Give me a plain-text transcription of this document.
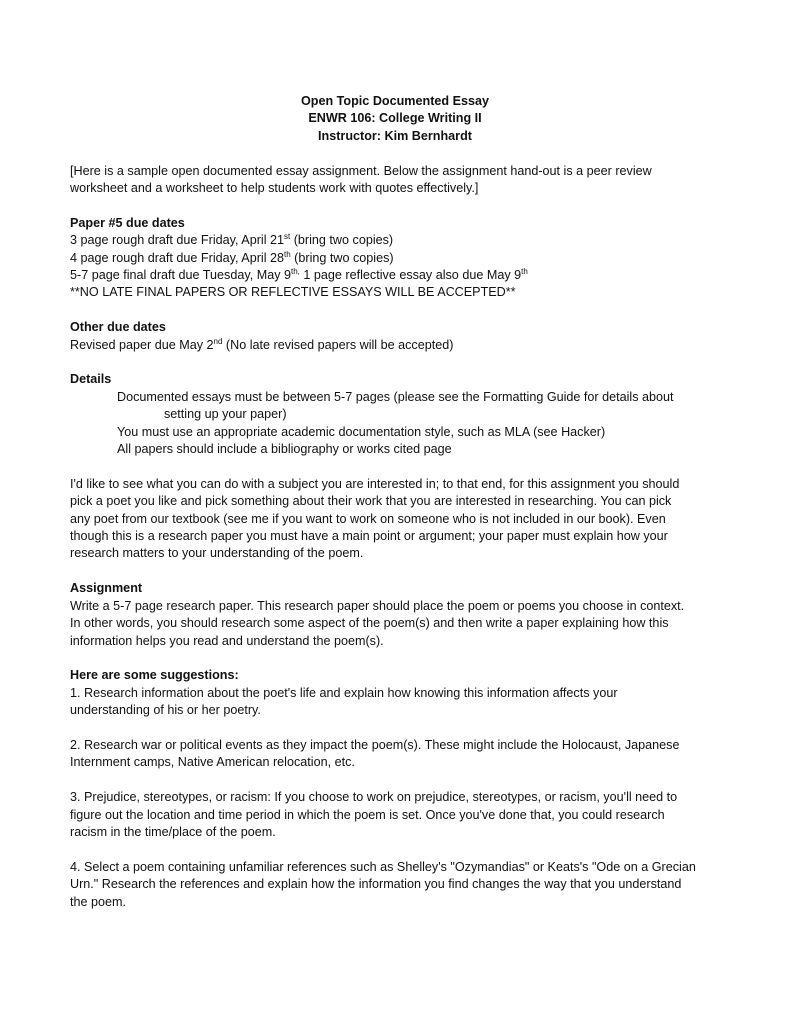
Open Topic Documented Essay
ENWR 106: College Writing II
Instructor: Kim Bernhardt

[Here is a sample open documented essay assignment. Below the assignment hand-out is a peer review

worksheet and a worksheet to help students work with quotes effectively.]

Paper #5 due dates

3 page rough draft due Friday, April 21st (bring two copies)

4 page rough draft due Friday, April 28th (bring two copies)

5-7 page final draft due Tuesday, May $9^{th,}$ 1 page reflective essay also due May 9th

**NO LATE FINAL PAPERS OR REFLECTIVE ESSAYS WILL BE ACCEPTED**

Other due dates

Revised paper due May 2nd (No late revised papers will be accepted)

Details

Documented essays must be between 5-7 pages (please see the Formatting Guide for details about

setting up your paper)

You must use an appropriate academic documentation style, such as MLA (see Hacker)

All papers should include a bibliography or works cited page

I'd like to see what you can do with a subject you are interested in; to that end, for this assignment you should

pick a poet you like and pick something about their work that you are interested in researching. You can pick

any poet from our textbook (see me if you want to work on someone who is not included in our book). Even

though this is a research paper you must have a main point or argument; your paper must explain how your

research matters to your understanding of the poem.

Assignment

Write a 5-7 page research paper. This research paper should place the poem or poems you choose in context.

In other words, you should research some aspect of the poem(s) and then write a paper explaining how this

information helps you read and understand the poem(s).

Here are some suggestions:

1. Research information about the poet's life and explain how knowing this information affects your

understanding of his or her poetry.

2. Research war or political events as they impact the poem(s). These might include the Holocaust, Japanese

Internment camps, Native American relocation, etc.

3. Prejudice, stereotypes, or racism: If you choose to work on prejudice, stereotypes, or racism, you'll need to

figure out the location and time period in which the poem is set. Once you've done that, you could research

racism in the time/place of the poem.

4. Select a poem containing unfamiliar references such as Shelley's "Ozymandias" or Keats's "Ode on a Grecian

Urn." Research the references and explain how the information you find changes the way that you understand

the poem.
